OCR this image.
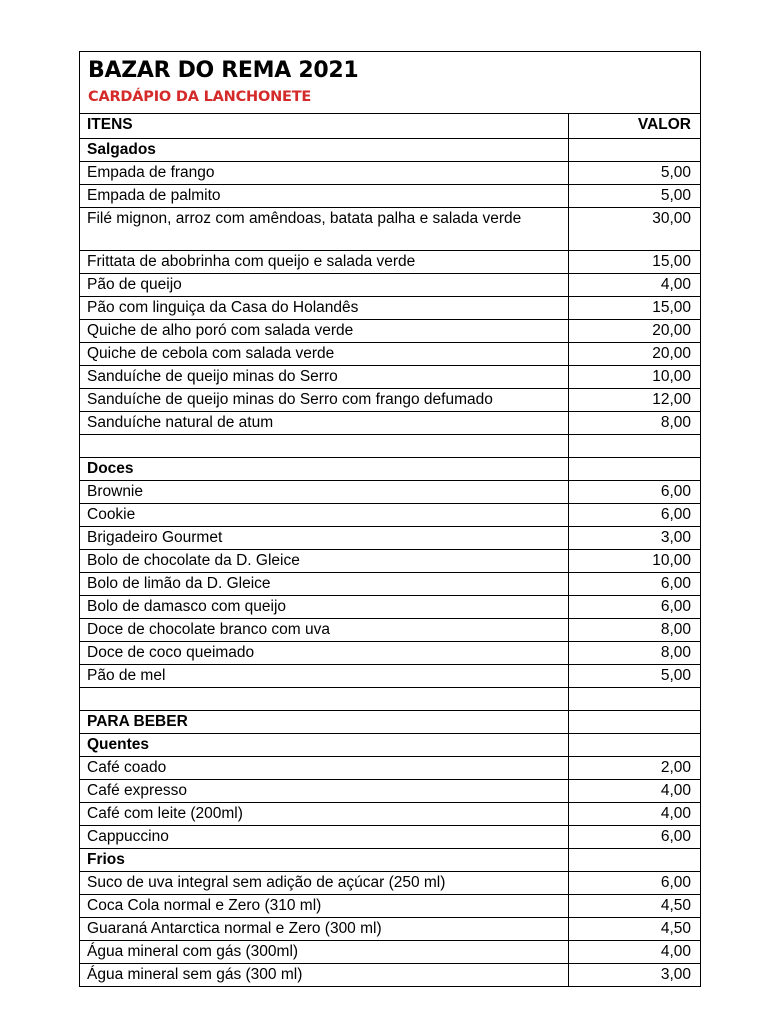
BAZAR DO REMA 2021
CARDÁPIO DA LANCHONETE
ITENS	VALOR
Salgados	
Empada de frango	5,00
Empada de palmito	5,00
Filé mignon, arroz com amêndoas, batata palha e salada verde	30,00
Frittata de abobrinha com queijo e salada verde	15,00
Pão de queijo	4,00
Pão com linguiça da Casa do Holandês	15,00
Quiche de alho poró com salada verde	20,00
Quiche de cebola com salada verde	20,00
Sanduíche de queijo minas do Serro	10,00
Sanduíche de queijo minas do Serro com frango defumado	12,00
Sanduíche natural de atum	8,00

Doces	
Brownie	6,00
Cookie	6,00
Brigadeiro Gourmet	3,00
Bolo de chocolate da D. Gleice	10,00
Bolo de limão da D. Gleice	6,00
Bolo de damasco com queijo	6,00
Doce de chocolate branco com uva	8,00
Doce de coco queimado	8,00
Pão de mel	5,00

PARA BEBER	
Quentes	
Café coado	2,00
Café expresso	4,00
Café com leite (200ml)	4,00
Cappuccino	6,00
Frios	
Suco de uva integral sem adição de açúcar (250 ml)	6,00
Coca Cola normal e Zero (310 ml)	4,50
Guaraná Antarctica normal e Zero (300 ml)	4,50
Água mineral com gás (300ml)	4,00
Água mineral sem gás (300 ml)	3,00
